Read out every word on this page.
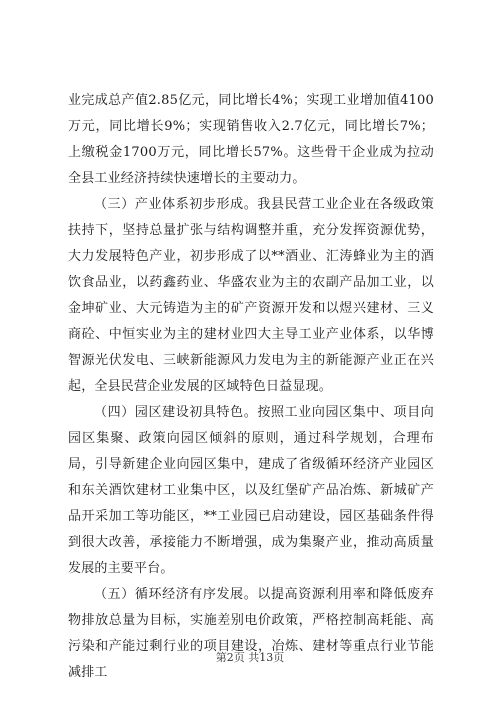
业完成总产值2.85亿元，同比增长4%；实现工业增加值4100万元，同比增长9%；实现销售收入2.7亿元，同比增长7%；上缴税金1700万元，同比增长57%。这些骨干企业成为拉动全县工业经济持续快速增长的主要动力。

（三）产业体系初步形成。我县民营工业企业在各级政策扶持下，坚持总量扩张与结构调整并重，充分发挥资源优势，大力发展特色产业，初步形成了以**酒业、汇涛蜂业为主的酒饮食品业，以药鑫药业、华盛农业为主的农副产品加工业，以金坤矿业、大元铸造为主的矿产资源开发和以煜兴建材、三义商砼、中恒实业为主的建材业四大主导工业产业体系，以华博智源光伏发电、三峡新能源风力发电为主的新能源产业正在兴起，全县民营企业发展的区域特色日益显现。

（四）园区建设初具特色。按照工业向园区集中、项目向园区集聚、政策向园区倾斜的原则，通过科学规划，合理布局，引导新建企业向园区集中，建成了省级循环经济产业园区和东关酒饮建材工业集中区，以及红堡矿产品冶炼、新城矿产品开采加工等功能区，**工业园已启动建设，园区基础条件得到很大改善，承接能力不断增强，成为集聚产业，推动高质量发展的主要平台。

（五）循环经济有序发展。以提高资源利用率和降低废弃物排放总量为目标，实施差别电价政策，严格控制高耗能、高污染和产能过剩行业的项目建设，冶炼、建材等重点行业节能减排工

第2页 共13页
